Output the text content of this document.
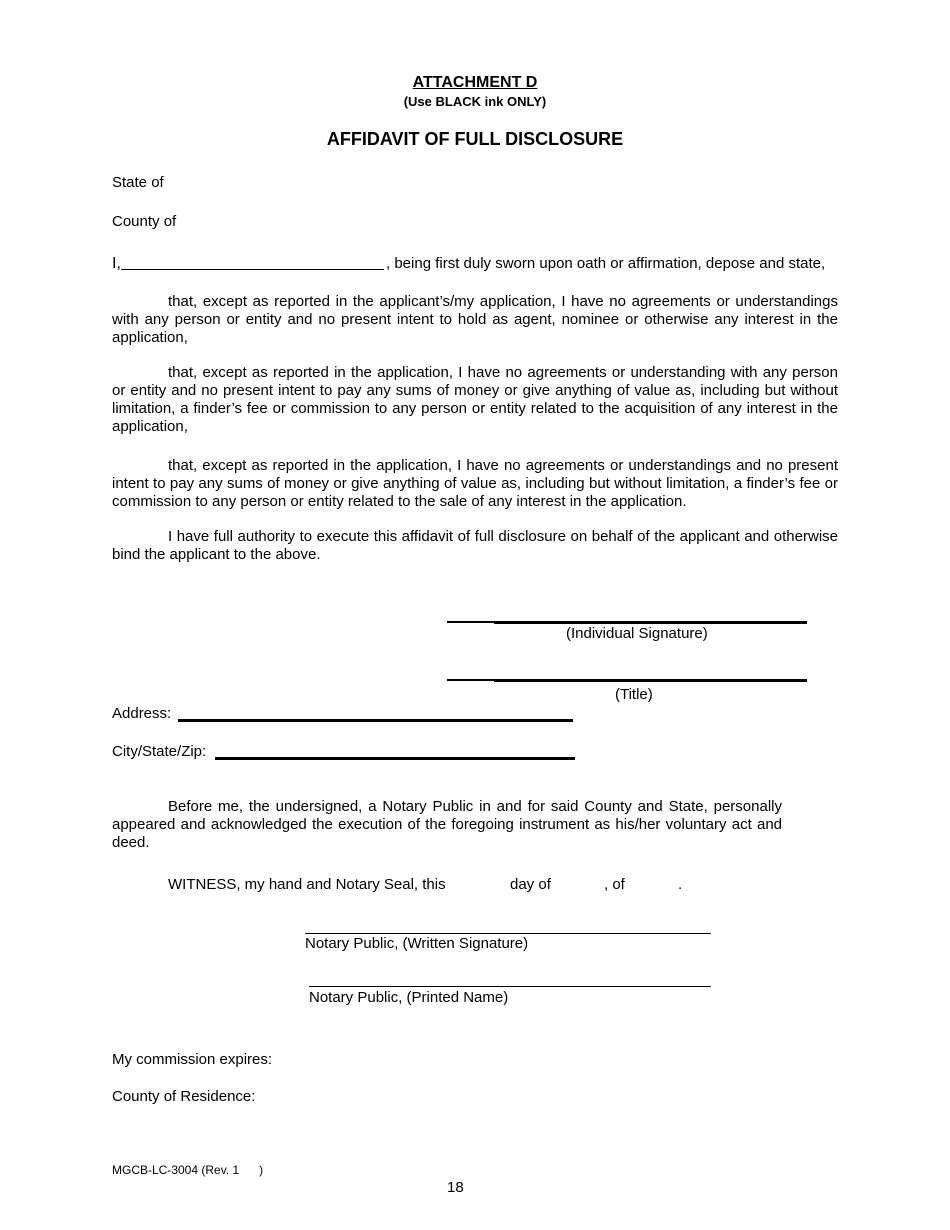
ATTACHMENT D
(Use BLACK ink ONLY)
AFFIDAVIT OF FULL DISCLOSURE
State of
County of
I,	, being first duly sworn upon oath or affirmation, depose and state,

that, except as reported in the applicant’s/my application, I have no agreements or understandings with any person or entity and no present intent to hold as agent, nominee or otherwise any interest in the application,

that, except as reported in the application, I have no agreements or understanding with any person or entity and no present intent to pay any sums of money or give anything of value as, including but without limitation, a finder’s fee or commission to any person or entity related to the acquisition of any interest in the application,

that, except as reported in the application, I have no agreements or understandings and no present intent to pay any sums of money or give anything of value as, including but without limitation, a finder’s fee or commission to any person or entity related to the sale of any interest in the application.

I have full authority to execute this affidavit of full disclosure on behalf of the applicant and otherwise bind the applicant to the above.

(Individual Signature)
(Title)
Address:
City/State/Zip:

Before me, the undersigned, a Notary Public in and for said County and State, personally appeared and acknowledged the execution of the foregoing instrument as his/her voluntary act and deed.

WITNESS, my hand and Notary Seal, this	day of	, of	.
Notary Public, (Written Signature)
Notary Public, (Printed Name)
My commission expires:
County of Residence:
MGCB-LC-3004 (Rev. 1      )
18
